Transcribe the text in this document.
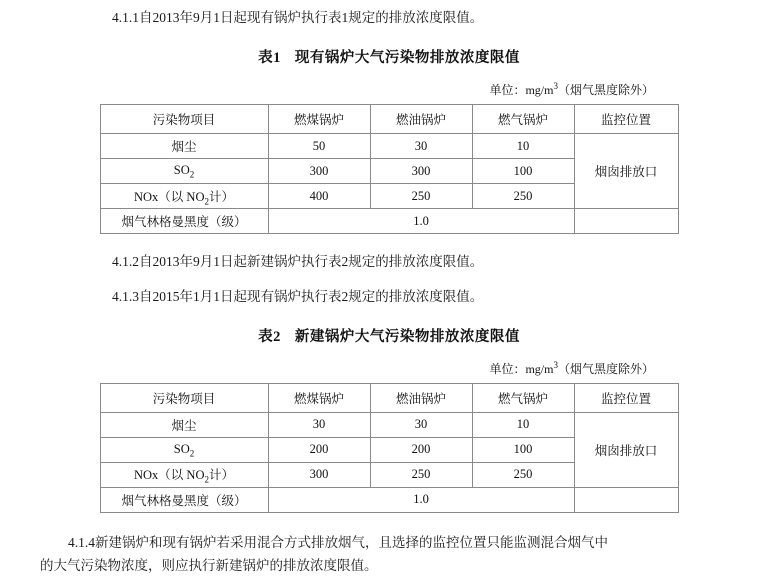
4.1.1自2013年9月1日起现有锅炉执行表1规定的排放浓度限值。
表1 现有锅炉大气污染物排放浓度限值
单位：$mg/m^3$（烟气黑度除外）
污染物项目	燃煤锅炉	燃油锅炉	燃气锅炉	监控位置
烟尘	50	30	10	烟囱排放口
$SO_2$	300	300	100	
NOx（以 $NO_2$计）	400	250	250	
烟气林格曼黑度（级）	1.0			
4.1.2自2013年9月1日起新建锅炉执行表2规定的排放浓度限值。
4.1.3自2015年1月1日起现有锅炉执行表2规定的排放浓度限值。
表2 新建锅炉大气污染物排放浓度限值
单位：$mg/m^3$（烟气黑度除外）
污染物项目	燃煤锅炉	燃油锅炉	燃气锅炉	监控位置
烟尘	30	30	10	烟囱排放口
$SO_2$	200	200	100	
NOx（以 $NO_2$计）	300	250	250	
烟气林格曼黑度（级）	1.0			
4.1.4新建锅炉和现有锅炉若采用混合方式排放烟气，且选择的监控位置只能监测混合烟气中
的大气污染物浓度，则应执行新建锅炉的排放浓度限值。
